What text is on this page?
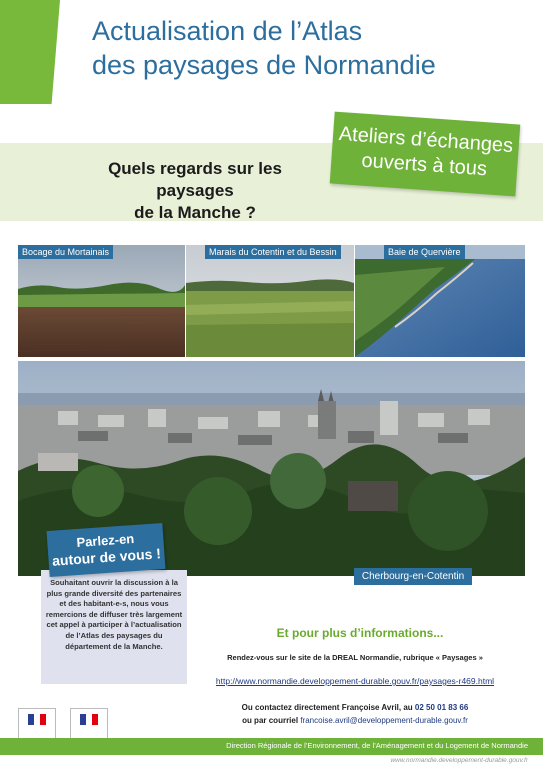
Actualisation de l’Atlas
des paysages de Normandie
Quels regards sur les paysages
de la Manche ?
Ateliers d’échanges
ouverts à tous
Bocage du Mortainais	Marais du Cotentin et du Bessin	Baie de Quervière
Cherbourg-en-Cotentin
Parlez-en
autour de vous !
Souhaitant ouvrir la discussion à la plus grande diversité des partenaires et des habitant-e-s, nous vous remercions de diffuser très largement cet appel à participer à l’actualisation de l’Atlas des paysages du département de la Manche.
Et pour plus d’informations...
Rendez-vous sur le site de la DREAL Normandie, rubrique « Paysages »
http://www.normandie.developpement-durable.gouv.fr/paysages-r469.html
Ou contactez directement Françoise Avril, au 02 50 01 83 66
ou par courriel francoise.avril@developpement-durable.gouv.fr
Direction Régionale de l’Environnement, de l’Aménagement et du Logement de Normandie
www.normandie.developpement-durable.gouv.fr
